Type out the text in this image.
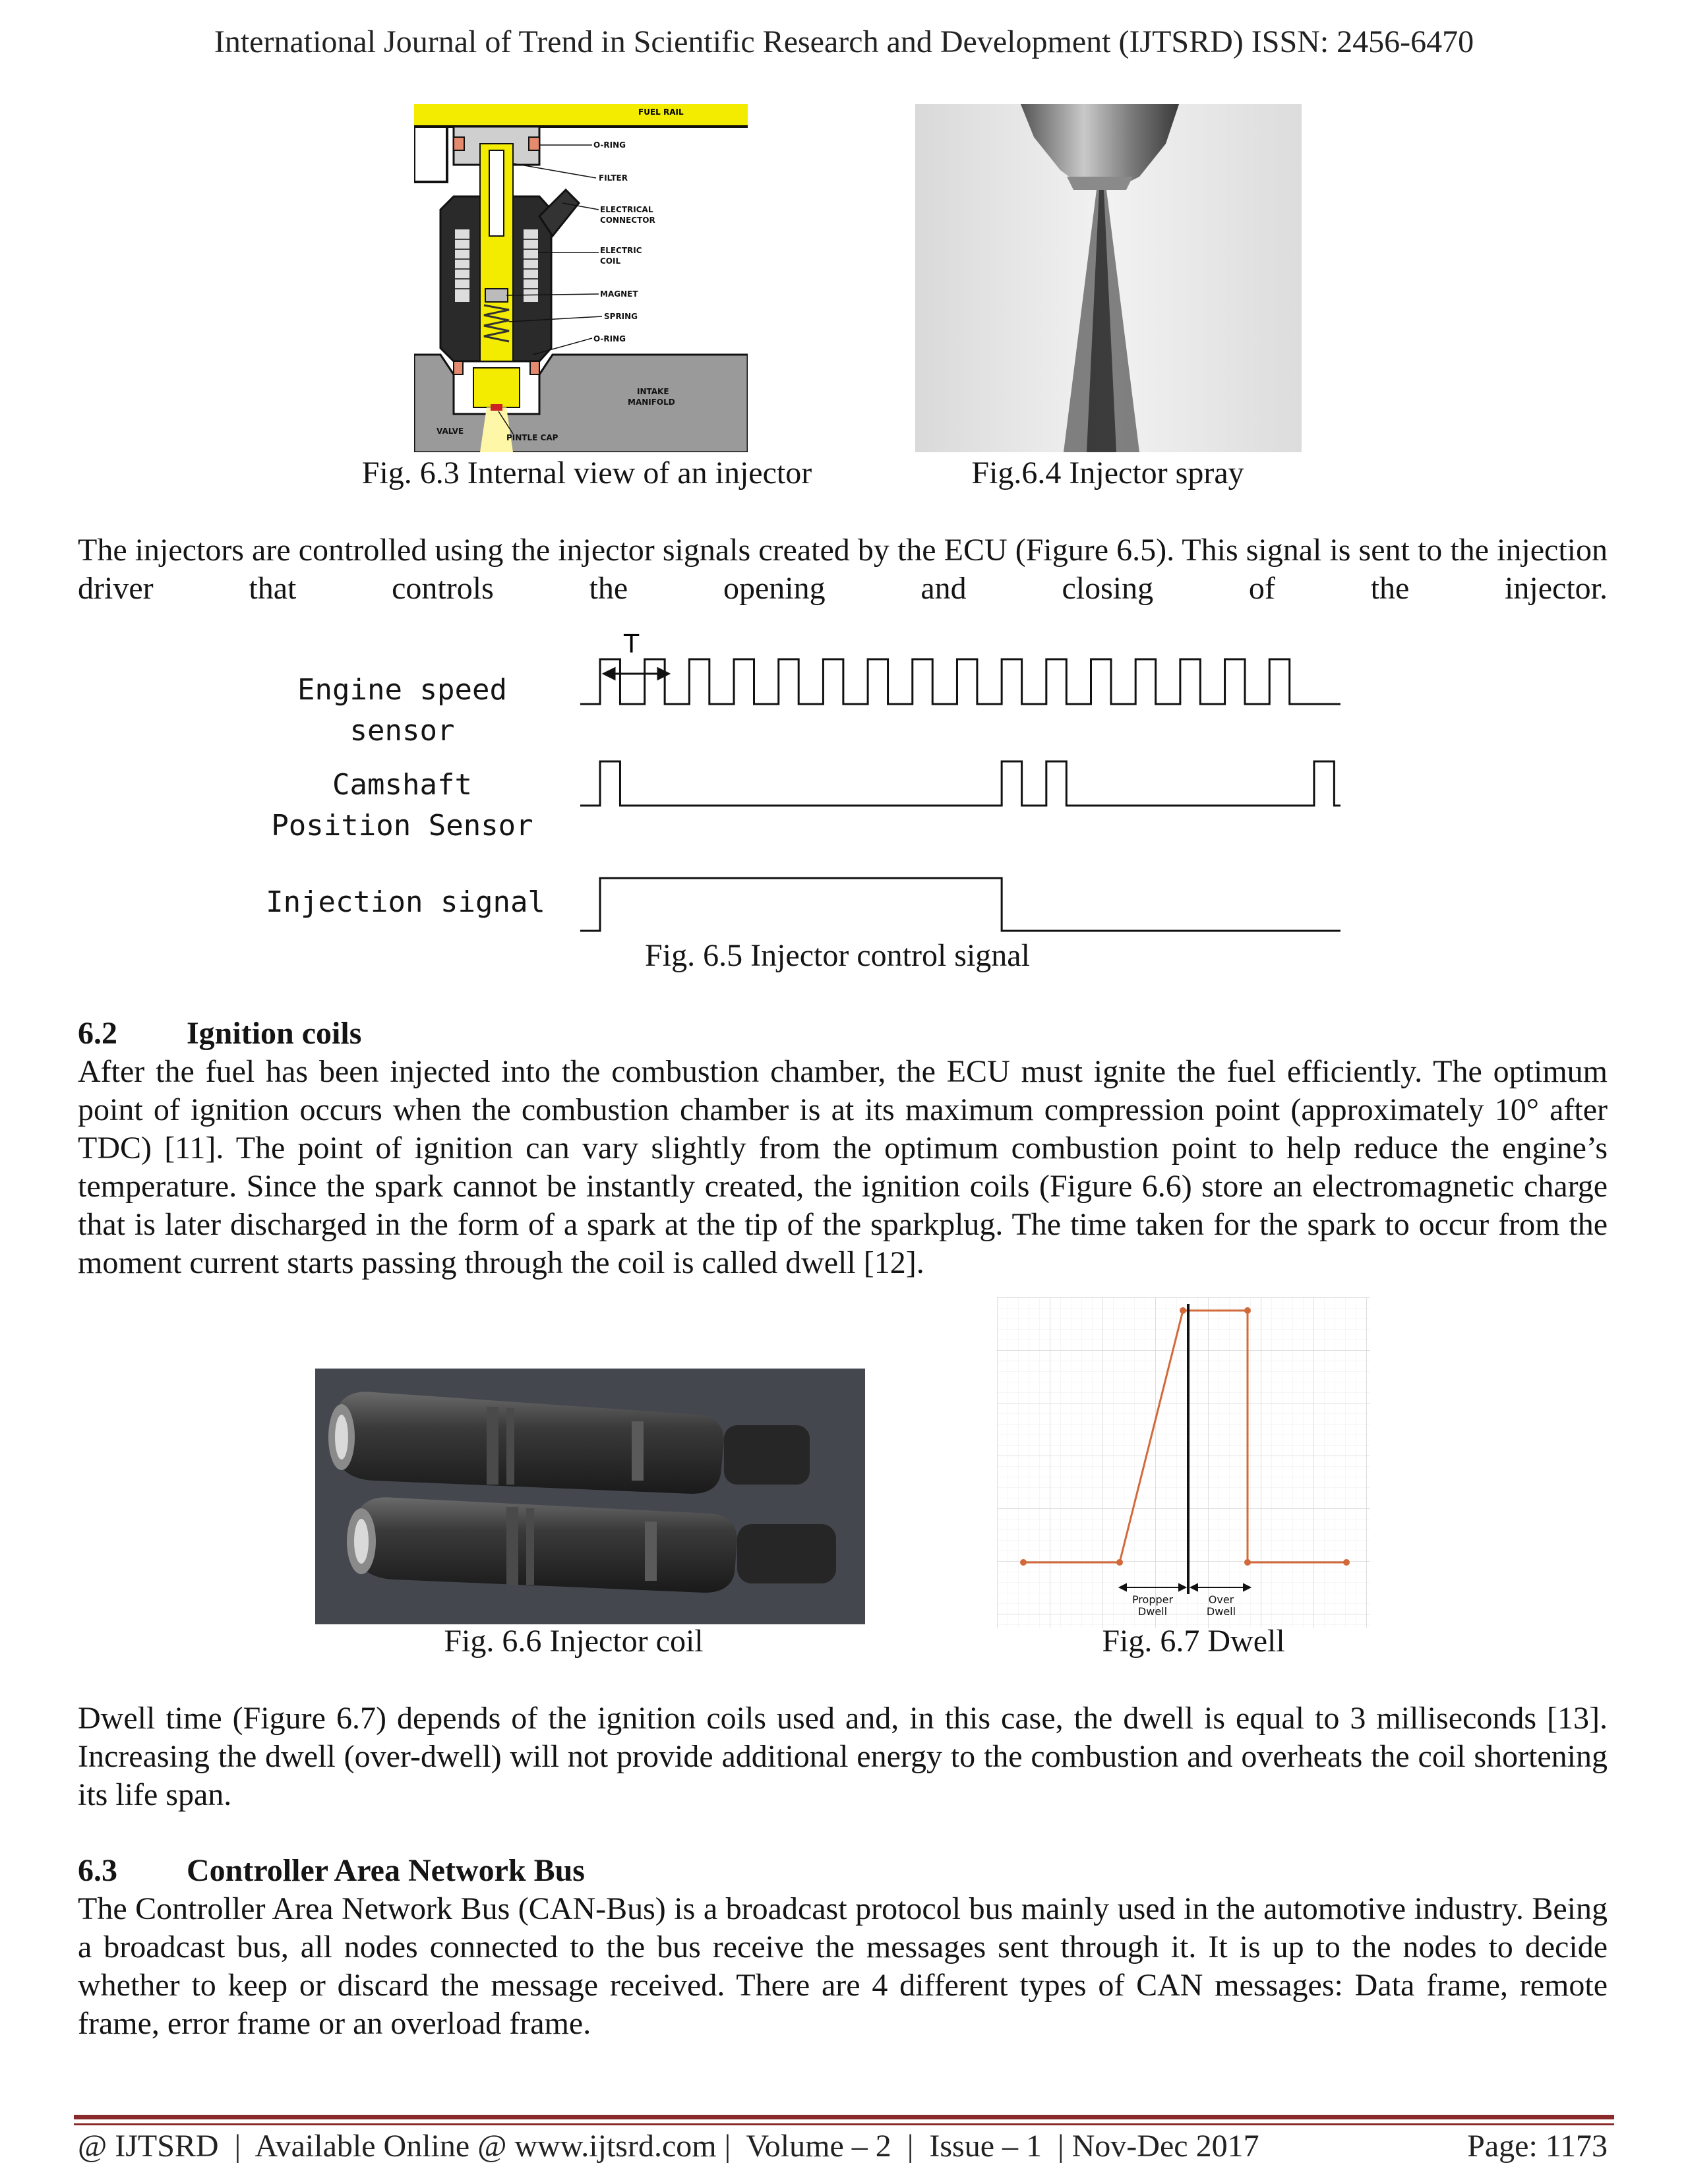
International Journal of Trend in Scientific Research and Development (IJTSRD) ISSN: 2456-6470
FUEL RAIL
O-RING
FILTER
ELECTRICAL
CONNECTOR
ELECTRIC
COIL
MAGNET
SPRING
O-RING
INTAKE
MANIFOLD
VALVE
PINTLE CAP
Fig. 6.3 Internal view of an injector	Fig.6.4 Injector spray
The injectors are controlled using the injector signals created by the ECU (Figure 6.5). This signal is sent to the injection driver that controls the opening and closing of the injector.
Engine speed
sensor
Camshaft
Position Sensor
Injection signal
T
Fig. 6.5 Injector control signal
6.2 Ignition coils
After the fuel has been injected into the combustion chamber, the ECU must ignite the fuel efficiently. The optimum point of ignition occurs when the combustion chamber is at its maximum compression point (approximately 10° after TDC) [11]. The point of ignition can vary slightly from the optimum combustion point to help reduce the engine’s temperature. Since the spark cannot be instantly created, the ignition coils (Figure 6.6) store an electromagnetic charge that is later discharged in the form of a spark at the tip of the sparkplug. The time taken for the spark to occur from the moment current starts passing through the coil is called dwell [12].
Fig. 6.6 Injector coil
Propper
Dwell
Over
Dwell
Fig. 6.7 Dwell
Dwell time (Figure 6.7) depends of the ignition coils used and, in this case, the dwell is equal to 3 milliseconds [13]. Increasing the dwell (over-dwell) will not provide additional energy to the combustion and overheats the coil shortening its life span.
6.3 Controller Area Network Bus
The Controller Area Network Bus (CAN-Bus) is a broadcast protocol bus mainly used in the automotive industry. Being a broadcast bus, all nodes connected to the bus receive the messages sent through it. It is up to the nodes to decide whether to keep or discard the message received. There are 4 different types of CAN messages: Data frame, remote frame, error frame or an overload frame.
@ IJTSRD  |  Available Online @ www.ijtsrd.com |  Volume – 2  |  Issue – 1  | Nov-Dec 2017	Page: 1173
